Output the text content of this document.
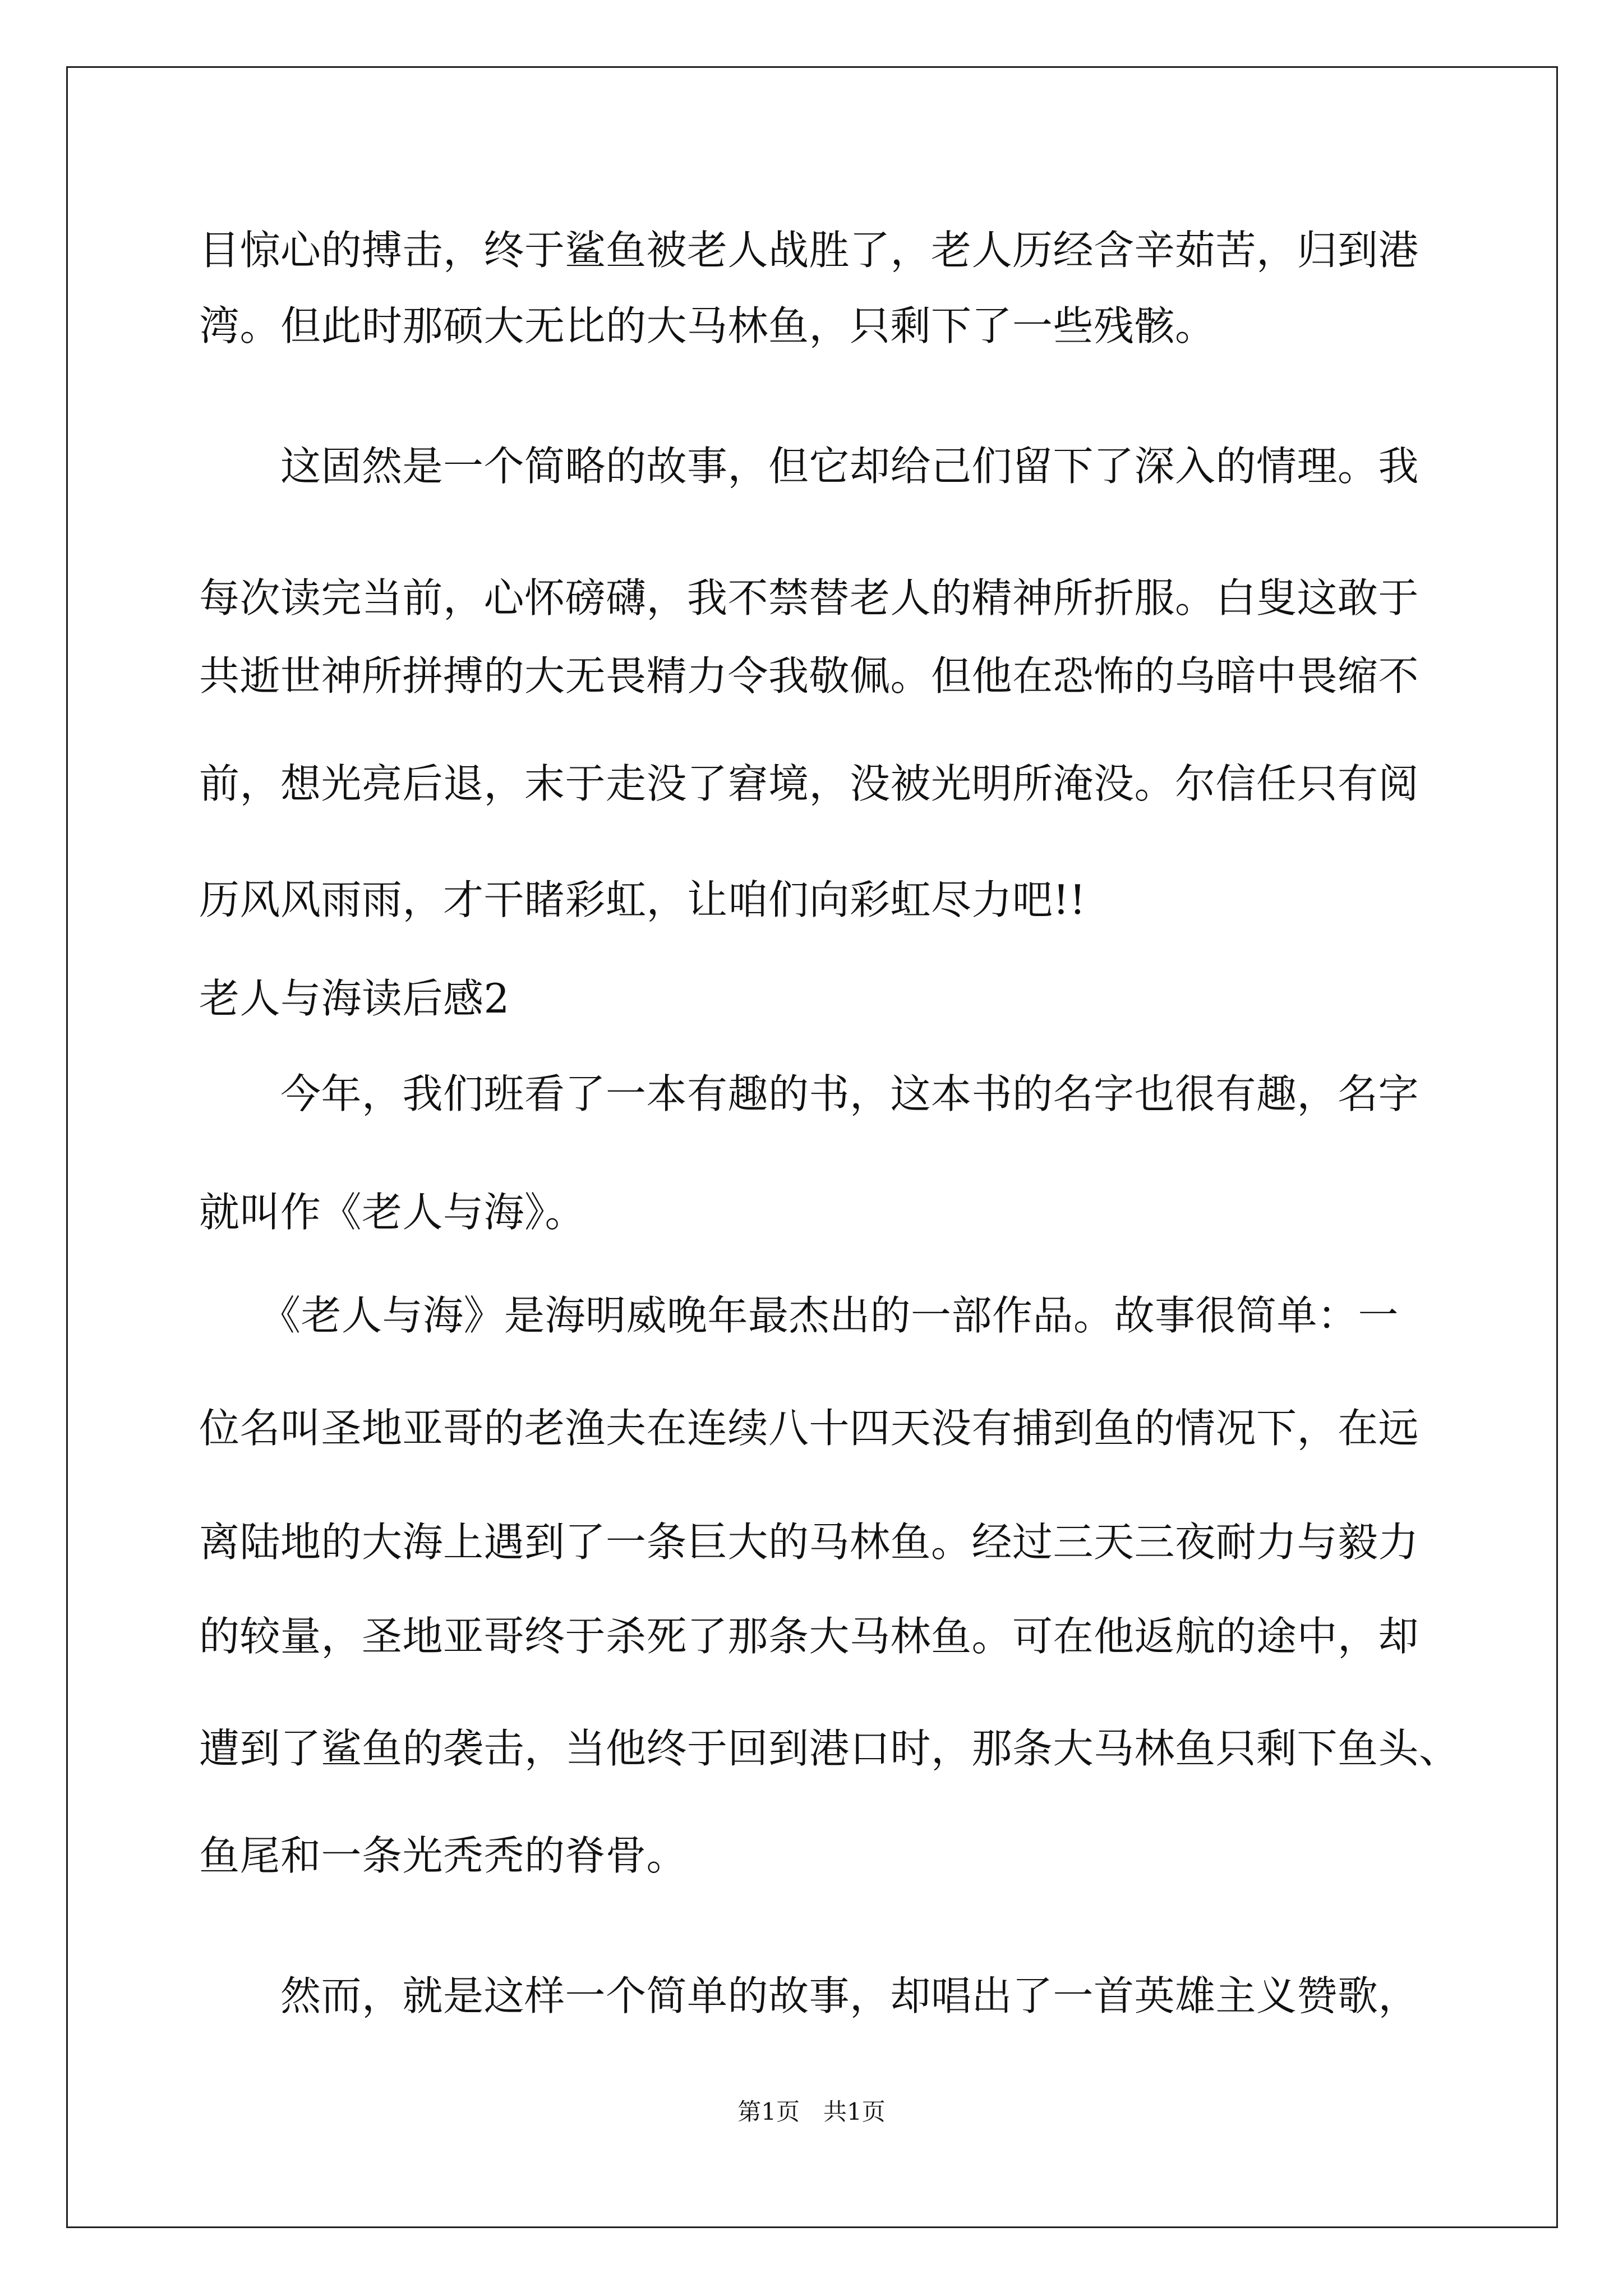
目惊心的搏击，终于鲨鱼被老人战胜了，老人历经含辛茹苦，归到港

湾。但此时那硕大无比的大马林鱼，只剩下了一些残骸。

　　这固然是一个简略的故事，但它却给己们留下了深入的情理。我

每次读完当前，心怀磅礴，我不禁替老人的精神所折服。白叟这敢于

共逝世神所拼搏的大无畏精力令我敬佩。但他在恐怖的乌暗中畏缩不

前，想光亮后退，末于走没了窘境，没被光明所淹没。尔信任只有阅

历风风雨雨，才干睹彩虹，让咱们向彩虹尽力吧!!

老人与海读后感2

　　今年，我们班看了一本有趣的书，这本书的名字也很有趣，名字

就叫作《老人与海》。

　　《老人与海》是海明威晚年最杰出的一部作品。故事很简单：一

位名叫圣地亚哥的老渔夫在连续八十四天没有捕到鱼的情况下，在远

离陆地的大海上遇到了一条巨大的马林鱼。经过三天三夜耐力与毅力

的较量，圣地亚哥终于杀死了那条大马林鱼。可在他返航的途中，却

遭到了鲨鱼的袭击，当他终于回到港口时，那条大马林鱼只剩下鱼头、

鱼尾和一条光秃秃的脊骨。

　　然而，就是这样一个简单的故事，却唱出了一首英雄主义赞歌，

第1页　共1页
